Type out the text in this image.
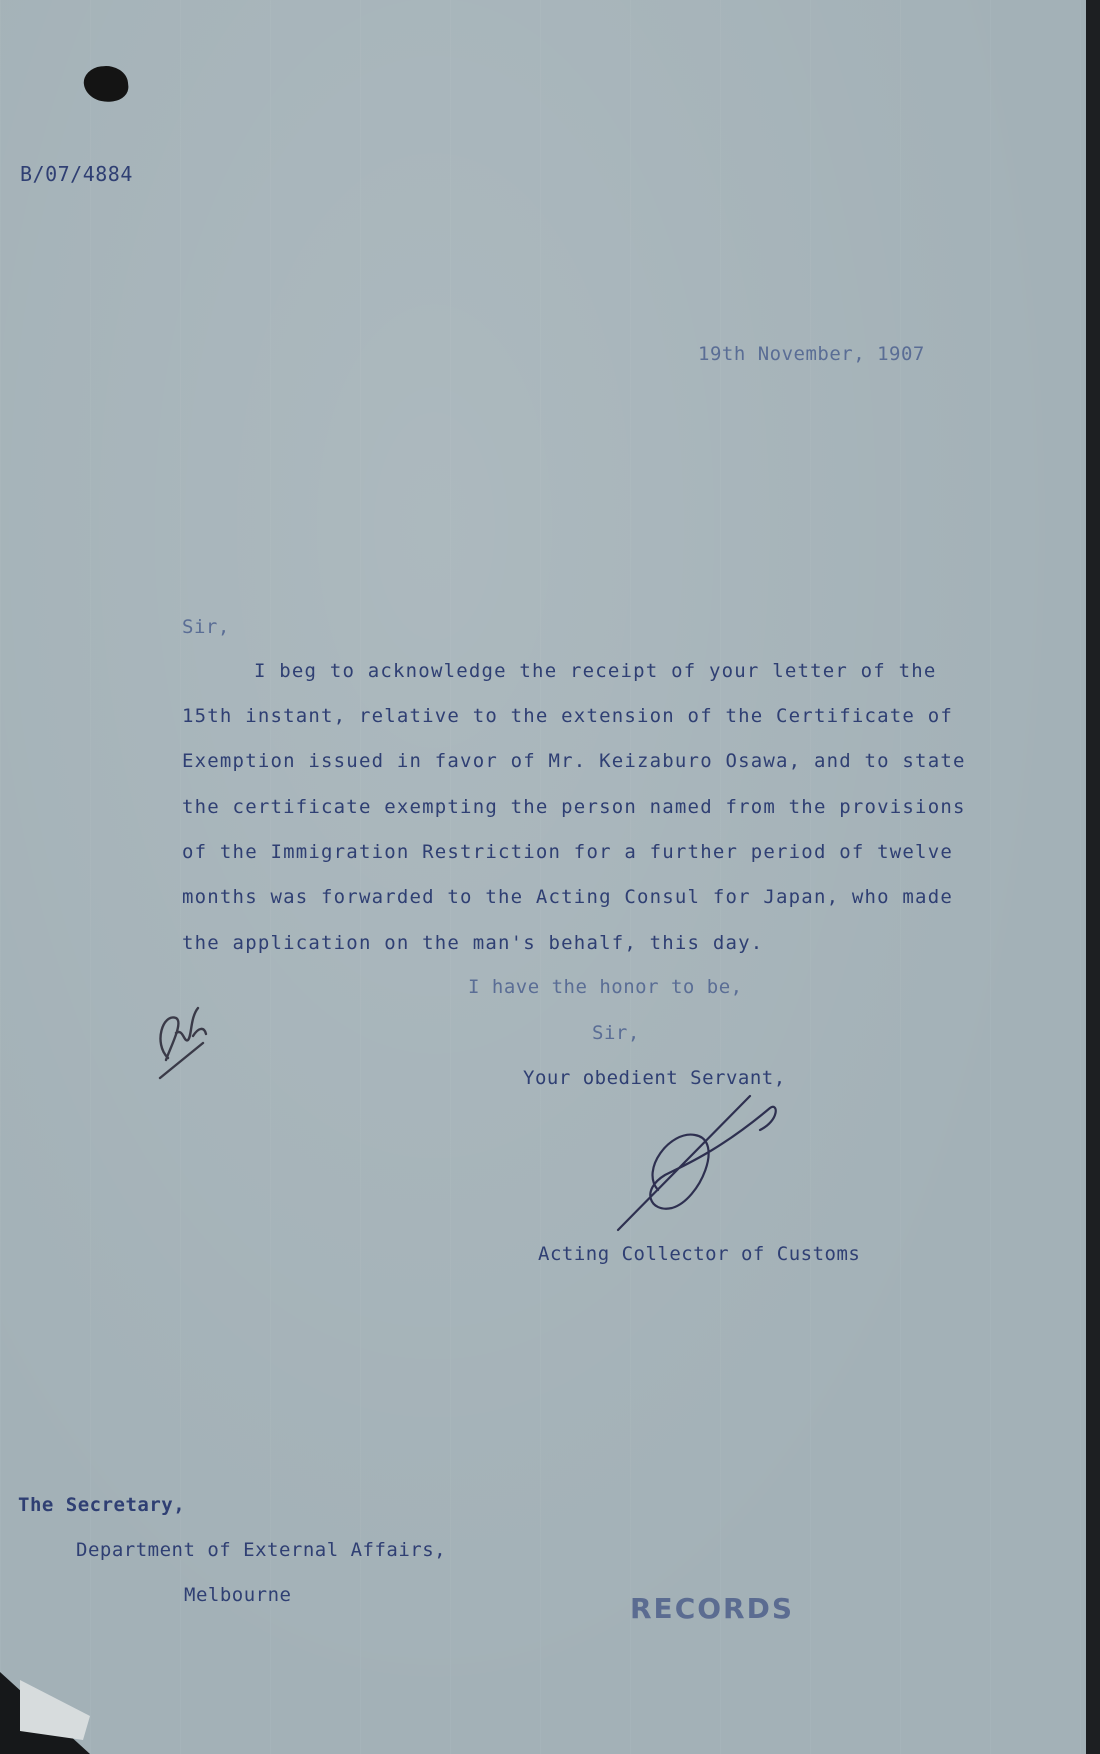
B/07/4884
19th November, 1907
Sir,
I beg to acknowledge the receipt of your letter of the
15th instant, relative to the extension of the Certificate of
Exemption issued in favor of Mr. Keizaburo Osawa, and to state
the certificate exempting the person named from the provisions
of the Immigration Restriction for a further period of twelve
months was forwarded to the Acting Consul for Japan, who made
the application on the man's behalf, this day.
I have the honor to be,
Sir,
Your obedient Servant,
Acting Collector of Customs
The Secretary,
Department of External Affairs,
Melbourne	RECORDS
